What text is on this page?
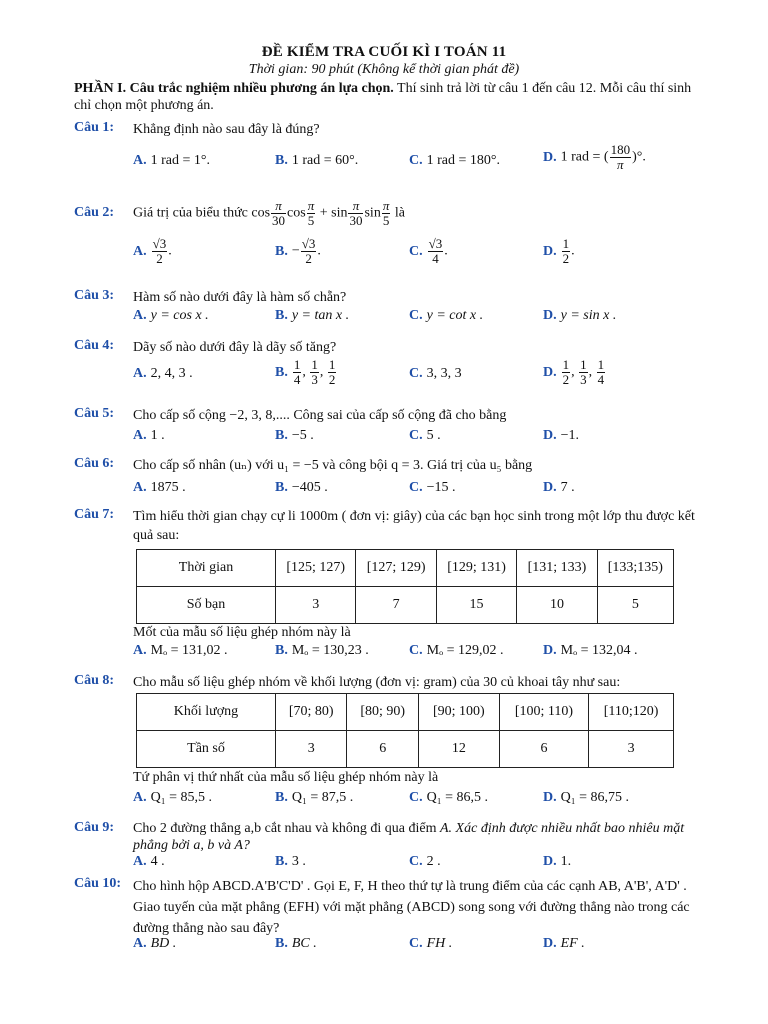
ĐỀ KIỂM TRA CUỐI KÌ I TOÁN 11
Thời gian: 90 phút (Không kể thời gian phát đề)
PHẦN I. Câu trắc nghiệm nhiều phương án lựa chọn. Thí sinh trả lời từ câu 1 đến câu 12. Mỗi câu thí sinh chỉ chọn một phương án.
Câu 1: Khẳng định nào sau đây là đúng?
A. 1 rad = 1°.	B. 1 rad = 60°.	C. 1 rad = 180°.	D. 1 rad = ( $\frac{180}{\pi}$ )°.
Câu 2: Giá trị của biểu thức $\cos \frac{\pi}{30}$ $\cos \frac{\pi}{5} + \sin \frac{\pi}{30}$ $\sin \frac{\pi}{5}$ là
A. $\frac{√3}{2}$ .	B. − $\frac{√3}{2}$ .	C. $\frac{√3}{4}$ .	D. $\frac{1}{2}$ .
Câu 3: Hàm số nào dưới đây là hàm số chẵn?
A. y = cos x .	B. y = tan x .	C. y = cot x .	D. y = sin x .
Câu 4: Dãy số nào dưới đây là dãy số tăng?
A. 2, 4, 3 .	B. $\frac{1}{4}$ , $\frac{1}{3}$ , $\frac{1}{2}$	C. 3, 3, 3	D. $\frac{1}{2}$ , $\frac{1}{3}$ , $\frac{1}{4}$
Câu 5: Cho cấp số cộng −2, 3, 8,.... Công sai của cấp số cộng đã cho bằng
A. 1 .	B. −5 .	C. 5 .	D. −1.
Câu 6: Cho cấp số nhân (uₙ) với u₁ = −5 và công bội q = 3. Giá trị của u₅ bằng
A. 1875 .	B. −405 .	C. −15 .	D. 7 .
Câu 7: Tìm hiểu thời gian chạy cự li 1000m ( đơn vị: giây) của các bạn học sinh trong một lớp thu được kết quả sau:
Thời gian	[125; 127)	[127; 129)	[129; 131)	[131; 133)	[133;135)
Số bạn	3	7	15	10	5
Mốt của mẫu số liệu ghép nhóm này là
A. Mₒ = 131,02 .	B. Mₒ = 130,23 .	C. Mₒ = 129,02 .	D. Mₒ = 132,04 .
Câu 8: Cho mẫu số liệu ghép nhóm về khối lượng (đơn vị: gram) của 30 củ khoai tây như sau:
Khối lượng	[70; 80)	[80; 90)	[90; 100)	[100; 110)	[110;120)
Tần số	3	6	12	6	3
Tứ phân vị thứ nhất của mẫu số liệu ghép nhóm này là
A. Q₁ = 85,5 .	B. Q₁ = 87,5 .	C. Q₁ = 86,5 .	D. Q₁ = 86,75 .
Câu 9: Cho 2 đường thẳng a,b cắt nhau và không đi qua điểm A. Xác định được nhiều nhất bao nhiêu mặt phẳng bởi a, b và A?
A. 4 .	B. 3 .	C. 2 .	D. 1.
Câu 10: Cho hình hộp ABCD.A'B'C'D' . Gọi E, F, H theo thứ tự là trung điểm của các cạnh AB, A'B', A'D' . Giao tuyến của mặt phẳng (EFH) với mặt phẳng (ABCD) song song với đường thẳng nào trong các đường thẳng nào sau đây?
A. BD .	B. BC .	C. FH .	D. EF .
